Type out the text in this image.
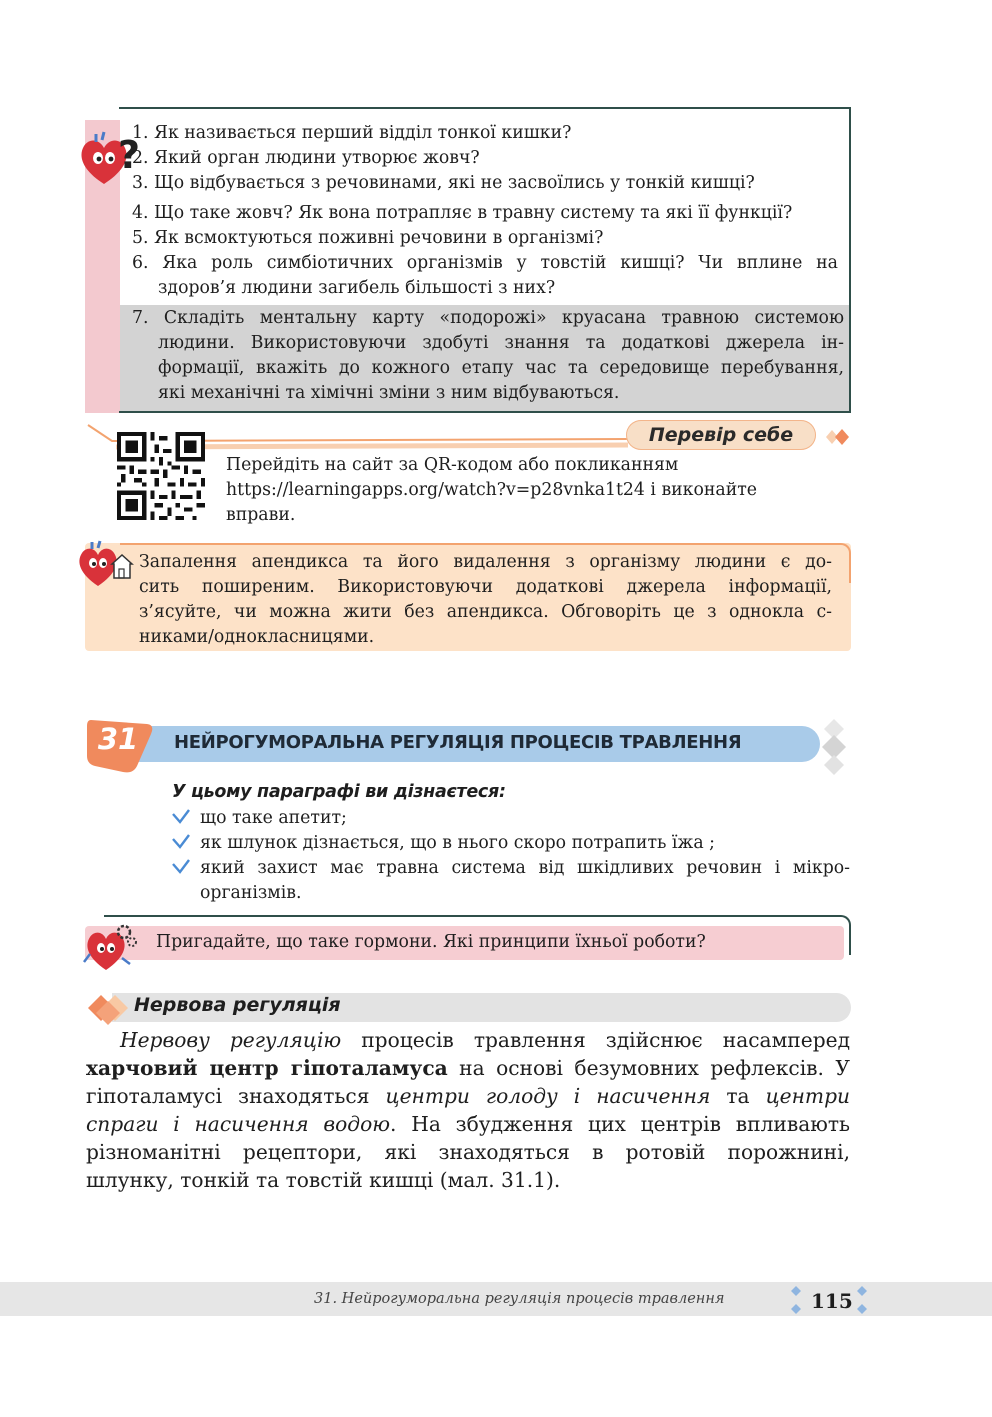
?
1. Як називається перший відділ тонкої кишки?
2. Який орган людини утворює жовч?
3. Що відбувається з речовинами, які не засвоїлись у тонкій кишці?
4. Що таке жовч? Як вона потрапляє в травну систему та які її функції?
5. Як всмоктуються поживні речовини в організмі?
6. Яка роль симбіотичних організмів у товстій кишці? Чи вплине на
здоров’я людини загибель більшості з них?
7. Складіть ментальну карту «подорожі» круасана травною системою
людини. Використовуючи здобуті знання та додаткові джерела ін-
формації, вкажіть до кожного етапу час та середовище перебування,
які механічні та хімічні зміни з ним відбуваються.
Перевір себе
Перейдіть на сайт за QR-кодом або покликанням
https://learningapps.org/watch?v=p28vnka1t24 і виконайте
вправи.
Запалення апендикса та його видалення з організму людини є до-
сить поширеним. Використовуючи додаткові джерела інформації,
з’ясуйте, чи можна жити без апендикса. Обговоріть це з однокла с-
никами/однокласницями.
31	НЕЙРОГУМОРАЛЬНА РЕГУЛЯЦІЯ ПРОЦЕСІВ ТРАВЛЕННЯ
У цьому параграфі ви дізнаєтеся:
що таке апетит;
як шлунок дізнається, що в нього скоро потрапить їжа ;
який захист має травна система від шкідливих речовин і мікро-
організмів.
Пригадайте, що таке гормони. Які принципи їхньої роботи?
Нервова регуляція
Нервову регуляцію процесів травлення здійснює насамперед
харчовий центр гіпоталамуса на основі безумовних рефлексів. У
гіпоталамусі знаходяться центри голоду і насичення та центри
спраги і насичення водою. На збудження цих центрів впливають
різноманітні рецептори, які знаходяться в ротовій порожнині,
шлунку, тонкій та товстій кишці (мал. 31.1).
31. Нейрогуморальна регуляція процесів травлення	115
